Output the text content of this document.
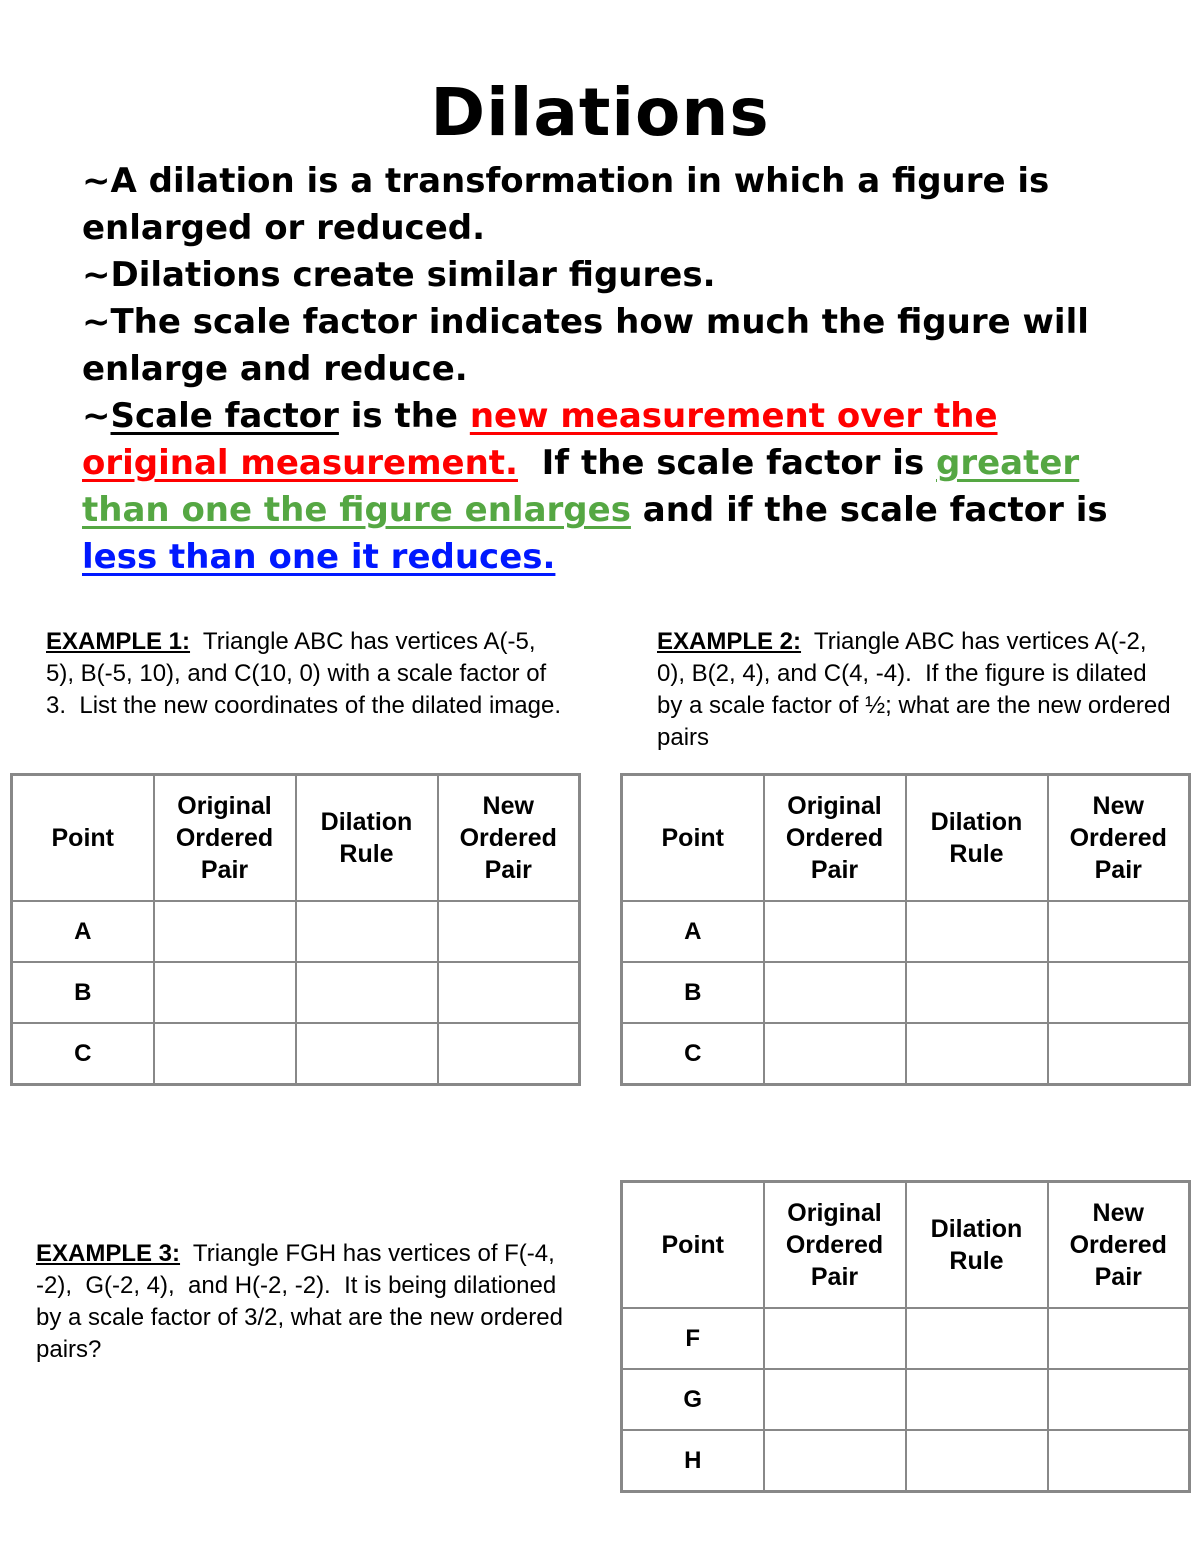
Dilations

~A dilation is a transformation in which a figure is enlarged or reduced.

~Dilations create similar figures.

~The scale factor indicates how much the figure will enlarge and reduce.

~Scale factor is the new measurement over the original measurement.  If the scale factor is greater than one the figure enlarges and if the scale factor is less than one it reduces.

EXAMPLE 1:  Triangle ABC has vertices A(-5, 5), B(-5, 10), and C(10, 0) with a scale factor of 3.  List the new coordinates of the dilated image.
EXAMPLE 2:  Triangle ABC has vertices A(-2, 0), B(2, 4), and C(4, -4).  If the figure is dilated by a scale factor of ½; what are the new ordered pairs
Point	Original Ordered Pair	Dilation Rule	New Ordered Pair
A			
B			
C			
Point	Original Ordered Pair	Dilation Rule	New Ordered Pair
A			
B			
C			
EXAMPLE 3:  Triangle FGH has vertices of F(-4, -2),  G(-2, 4),  and H(-2, -2).  It is being dilationed by a scale factor of 3/2, what are the new ordered pairs?
Point	Original Ordered Pair	Dilation Rule	New Ordered Pair
F			
G			
H			
